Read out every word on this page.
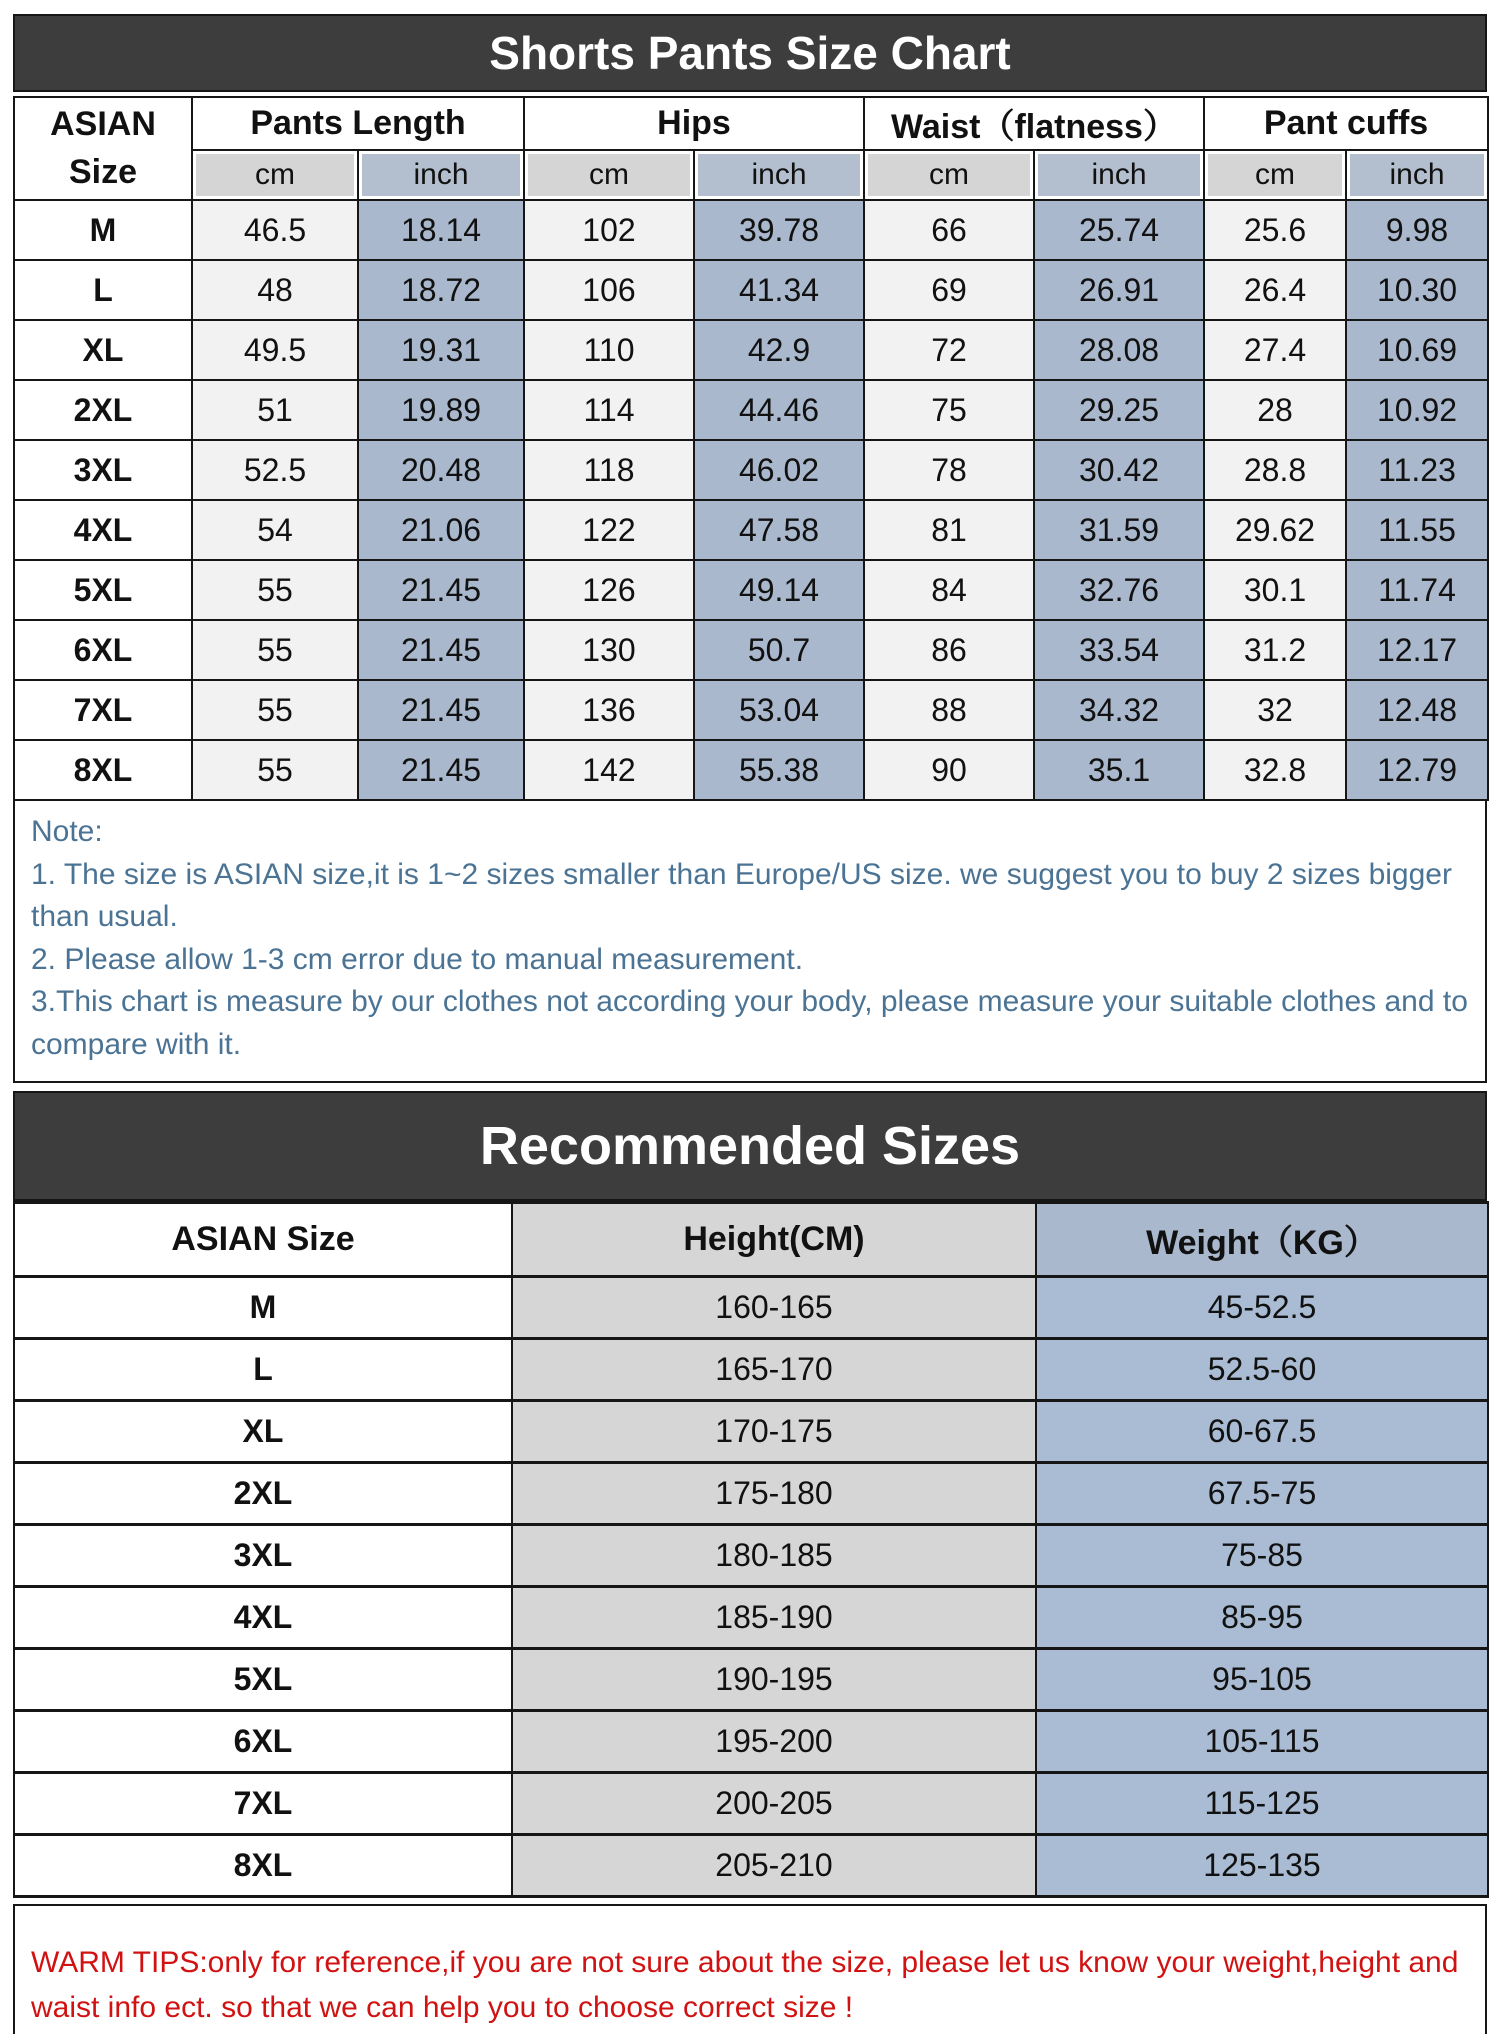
Shorts Pants Size Chart
ASIAN
Size	Pants Length		Hips		Waist（flatness）		Pant cuffs	
	cm	inch	cm	inch	cm	inch	cm	inch
M	46.5	18.14	102	39.78	66	25.74	25.6	9.98
L	48	18.72	106	41.34	69	26.91	26.4	10.30
XL	49.5	19.31	110	42.9	72	28.08	27.4	10.69
2XL	51	19.89	114	44.46	75	29.25	28	10.92
3XL	52.5	20.48	118	46.02	78	30.42	28.8	11.23
4XL	54	21.06	122	47.58	81	31.59	29.62	11.55
5XL	55	21.45	126	49.14	84	32.76	30.1	11.74
6XL	55	21.45	130	50.7	86	33.54	31.2	12.17
7XL	55	21.45	136	53.04	88	34.32	32	12.48
8XL	55	21.45	142	55.38	90	35.1	32.8	12.79
Note:
1. The size is ASIAN size,it is 1~2 sizes smaller than Europe/US size. we suggest you to buy 2 sizes bigger than usual.
2. Please allow 1-3 cm error due to manual measurement.
3.This chart is measure by our clothes not according your body, please measure your suitable clothes and to compare with it.
Recommended Sizes
ASIAN Size	Height(CM)	Weight（KG）
M	160-165	45-52.5
L	165-170	52.5-60
XL	170-175	60-67.5
2XL	175-180	67.5-75
3XL	180-185	75-85
4XL	185-190	85-95
5XL	190-195	95-105
6XL	195-200	105-115
7XL	200-205	115-125
8XL	205-210	125-135
WARM TIPS:only for reference,if you are not sure about the size, please let us know your weight,height and waist info ect. so that we can help you to choose correct size !
